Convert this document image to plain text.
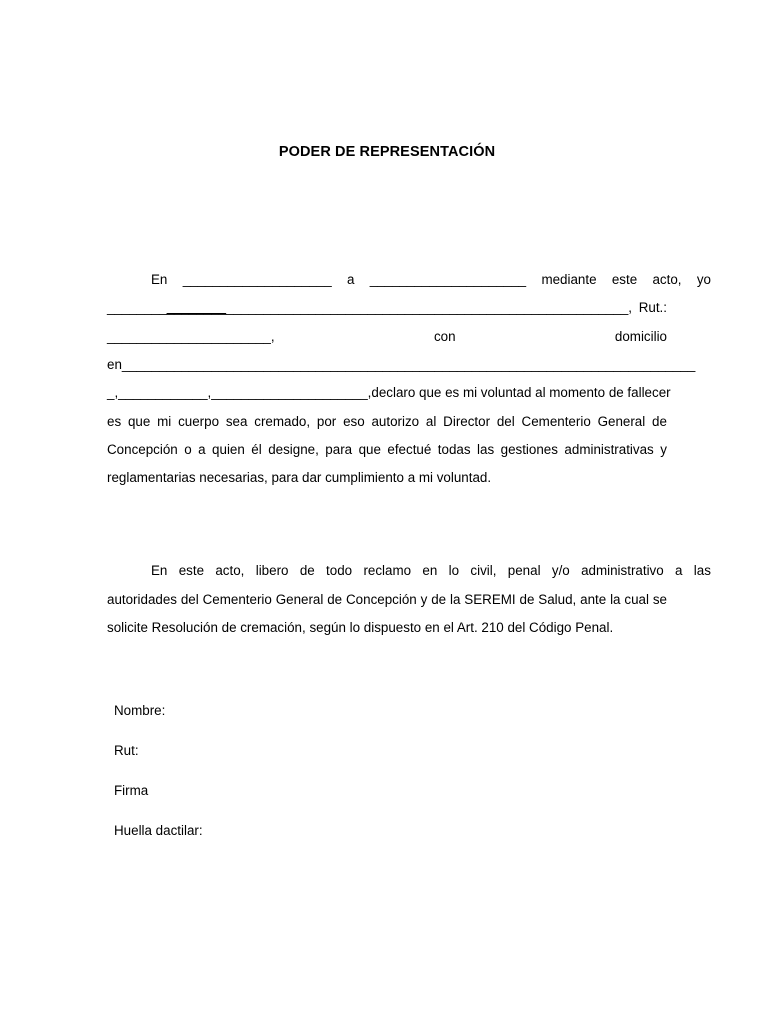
PODER DE REPRESENTACIÓN
En ____________________ a _____________________ mediante este acto, yo
______________________________________________________________________, Rut.:
______________________,	con	domicilio
en_____________________________________________________________________________
_,____________,_____________________,declaro que es mi voluntad al momento de fallecer
es que mi cuerpo sea cremado, por eso autorizo al Director del Cementerio General de
Concepción o a quien él designe, para que efectué todas las gestiones administrativas y
reglamentarias necesarias, para dar cumplimiento a mi voluntad.
En este acto, libero de todo reclamo en lo civil, penal y/o administrativo a las
autoridades del Cementerio General de Concepción y de la SEREMI de Salud, ante la cual se
solicite Resolución de cremación, según lo dispuesto en el Art. 210 del Código Penal.
Nombre:
Rut:
Firma
Huella dactilar:
